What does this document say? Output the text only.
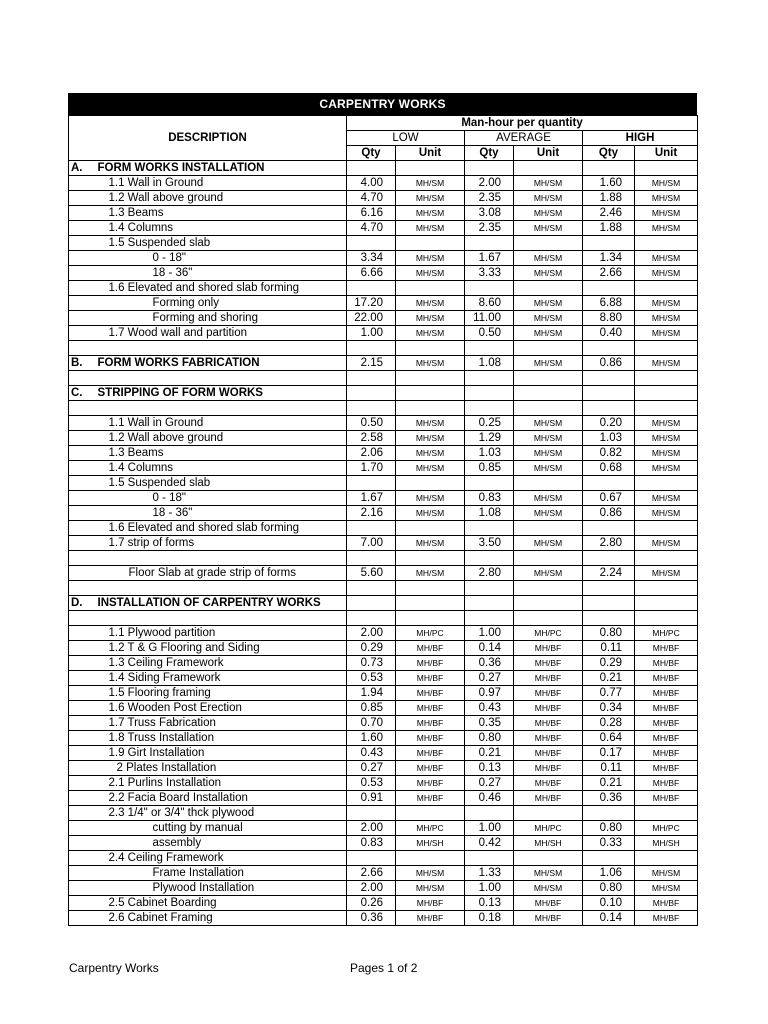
CARPENTRY WORKS
DESCRIPTION		Man-hour per quantity					
		LOW		AVERAGE		HIGH	
		Qty	Unit	Qty	Unit	Qty	Unit
A.	FORM WORKS INSTALLATION						
	1.1 Wall in Ground	4.00	MH/SM	2.00	MH/SM	1.60	MH/SM
	1.2 Wall above ground	4.70	MH/SM	2.35	MH/SM	1.88	MH/SM
	1.3 Beams	6.16	MH/SM	3.08	MH/SM	2.46	MH/SM
	1.4 Columns	4.70	MH/SM	2.35	MH/SM	1.88	MH/SM
	1.5 Suspended slab						
	0 - 18"	3.34	MH/SM	1.67	MH/SM	1.34	MH/SM
	18 - 36"	6.66	MH/SM	3.33	MH/SM	2.66	MH/SM
	1.6 Elevated and shored slab forming						
	Forming only	17.20	MH/SM	8.60	MH/SM	6.88	MH/SM
	Forming and shoring	22.00	MH/SM	11.00	MH/SM	8.80	MH/SM
	1.7 Wood wall and partition	1.00	MH/SM	0.50	MH/SM	0.40	MH/SM

B.	FORM WORKS FABRICATION	2.15	MH/SM	1.08	MH/SM	0.86	MH/SM

C.	STRIPPING OF FORM WORKS						

	1.1 Wall in Ground	0.50	MH/SM	0.25	MH/SM	0.20	MH/SM
	1.2 Wall above ground	2.58	MH/SM	1.29	MH/SM	1.03	MH/SM
	1.3 Beams	2.06	MH/SM	1.03	MH/SM	0.82	MH/SM
	1.4 Columns	1.70	MH/SM	0.85	MH/SM	0.68	MH/SM
	1.5 Suspended slab						
	0 - 18"	1.67	MH/SM	0.83	MH/SM	0.67	MH/SM
	18 - 36"	2.16	MH/SM	1.08	MH/SM	0.86	MH/SM
	1.6 Elevated and shored slab forming						
	1.7 strip of forms	7.00	MH/SM	3.50	MH/SM	2.80	MH/SM

	Floor Slab at grade strip of forms	5.60	MH/SM	2.80	MH/SM	2.24	MH/SM

D.	INSTALLATION OF CARPENTRY WORKS						

	1.1 Plywood partition	2.00	MH/PC	1.00	MH/PC	0.80	MH/PC
	1.2 T & G Flooring and Siding	0.29	MH/BF	0.14	MH/BF	0.11	MH/BF
	1.3 Ceiling Framework	0.73	MH/BF	0.36	MH/BF	0.29	MH/BF
	1.4 Siding Framework	0.53	MH/BF	0.27	MH/BF	0.21	MH/BF
	1.5 Flooring framing	1.94	MH/BF	0.97	MH/BF	0.77	MH/BF
	1.6 Wooden Post Erection	0.85	MH/BF	0.43	MH/BF	0.34	MH/BF
	1.7 Truss Fabrication	0.70	MH/BF	0.35	MH/BF	0.28	MH/BF
	1.8 Truss Installation	1.60	MH/BF	0.80	MH/BF	0.64	MH/BF
	1.9 Girt Installation	0.43	MH/BF	0.21	MH/BF	0.17	MH/BF
	2 Plates Installation	0.27	MH/BF	0.13	MH/BF	0.11	MH/BF
	2.1 Purlins Installation	0.53	MH/BF	0.27	MH/BF	0.21	MH/BF
	2.2 Facia Board Installation	0.91	MH/BF	0.46	MH/BF	0.36	MH/BF
	2.3 1/4" or 3/4" thck plywood						
	cutting by manual	2.00	MH/PC	1.00	MH/PC	0.80	MH/PC
	assembly	0.83	MH/SH	0.42	MH/SH	0.33	MH/SH
	2.4 Ceiling Framework						
	Frame Installation	2.66	MH/SM	1.33	MH/SM	1.06	MH/SM
	Plywood Installation	2.00	MH/SM	1.00	MH/SM	0.80	MH/SM
	2.5 Cabinet Boarding	0.26	MH/BF	0.13	MH/BF	0.10	MH/BF
	2.6 Cabinet Framing	0.36	MH/BF	0.18	MH/BF	0.14	MH/BF
Carpentry Works	Pages 1 of 2
